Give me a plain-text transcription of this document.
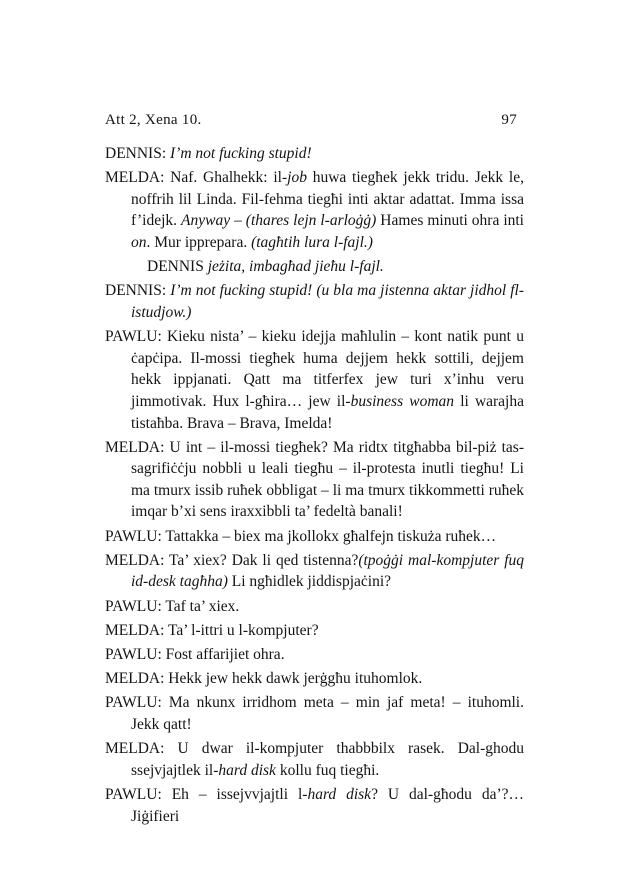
Att 2, Xena 10.	97
DENNIS: I’m not fucking stupid!
MELDA: Naf. Ghalhekk: il-job huwa tiegħek jekk tridu. Jekk le, noffrih lil Linda. Fil-fehma tiegħi inti aktar adattat. Imma issa f’idejk. Anyway – (thares lejn l-arloġġ) Hames minuti ohra inti on. Mur ipprepara. (tagħtih lura l-fajl.)
DENNIS jeżita, imbagħad jieħu l-fajl.
DENNIS: I’m not fucking stupid! (u bla ma jistenna aktar jidhol fl-istudjow.)
PAWLU: Kieku nista’ – kieku idejja maħlulin – kont natik punt u ċapċipa. Il-mossi tiegħek huma dejjem hekk sottili, dejjem hekk ippjanati. Qatt ma titferfex jew turi x’inhu veru jimmotivak. Hux l-għira… jew il-business woman li warajha tistaħba. Brava – Brava, Imelda!
MELDA: U int – il-mossi tiegħek? Ma ridtx titgħabba bil-piż tas-sagrifiċċju nobbli u leali tiegħu – il-protesta inutli tiegħu! Li ma tmurx issib ruħek obbligat – li ma tmurx tikkommetti ruħek imqar b’xi sens iraxxibbli ta’ fedeltà banali!
PAWLU: Tattakka – biex ma jkollokx għalfejn tiskuża ruħek…
MELDA: Ta’ xiex? Dak li qed tistenna?(tpoġġi mal-kompjuter fuq id-desk tagħha) Li ngħidlek jiddispjaċini?
PAWLU: Taf ta’ xiex.
MELDA: Ta’ l-ittri u l-kompjuter?
PAWLU: Fost affarijiet ohra.
MELDA: Hekk jew hekk dawk jerġgħu ituhomlok.
PAWLU: Ma nkunx irridhom meta – min jaf meta! – ituhomli. Jekk qatt!
MELDA: U dwar il-kompjuter thabbbilx rasek. Dal-ghodu ssejvjajtlek il-hard disk kollu fuq tiegħi.
PAWLU: Eh – issejvvjajtli l-hard disk? U dal-għodu da’?… Jiġifieri
